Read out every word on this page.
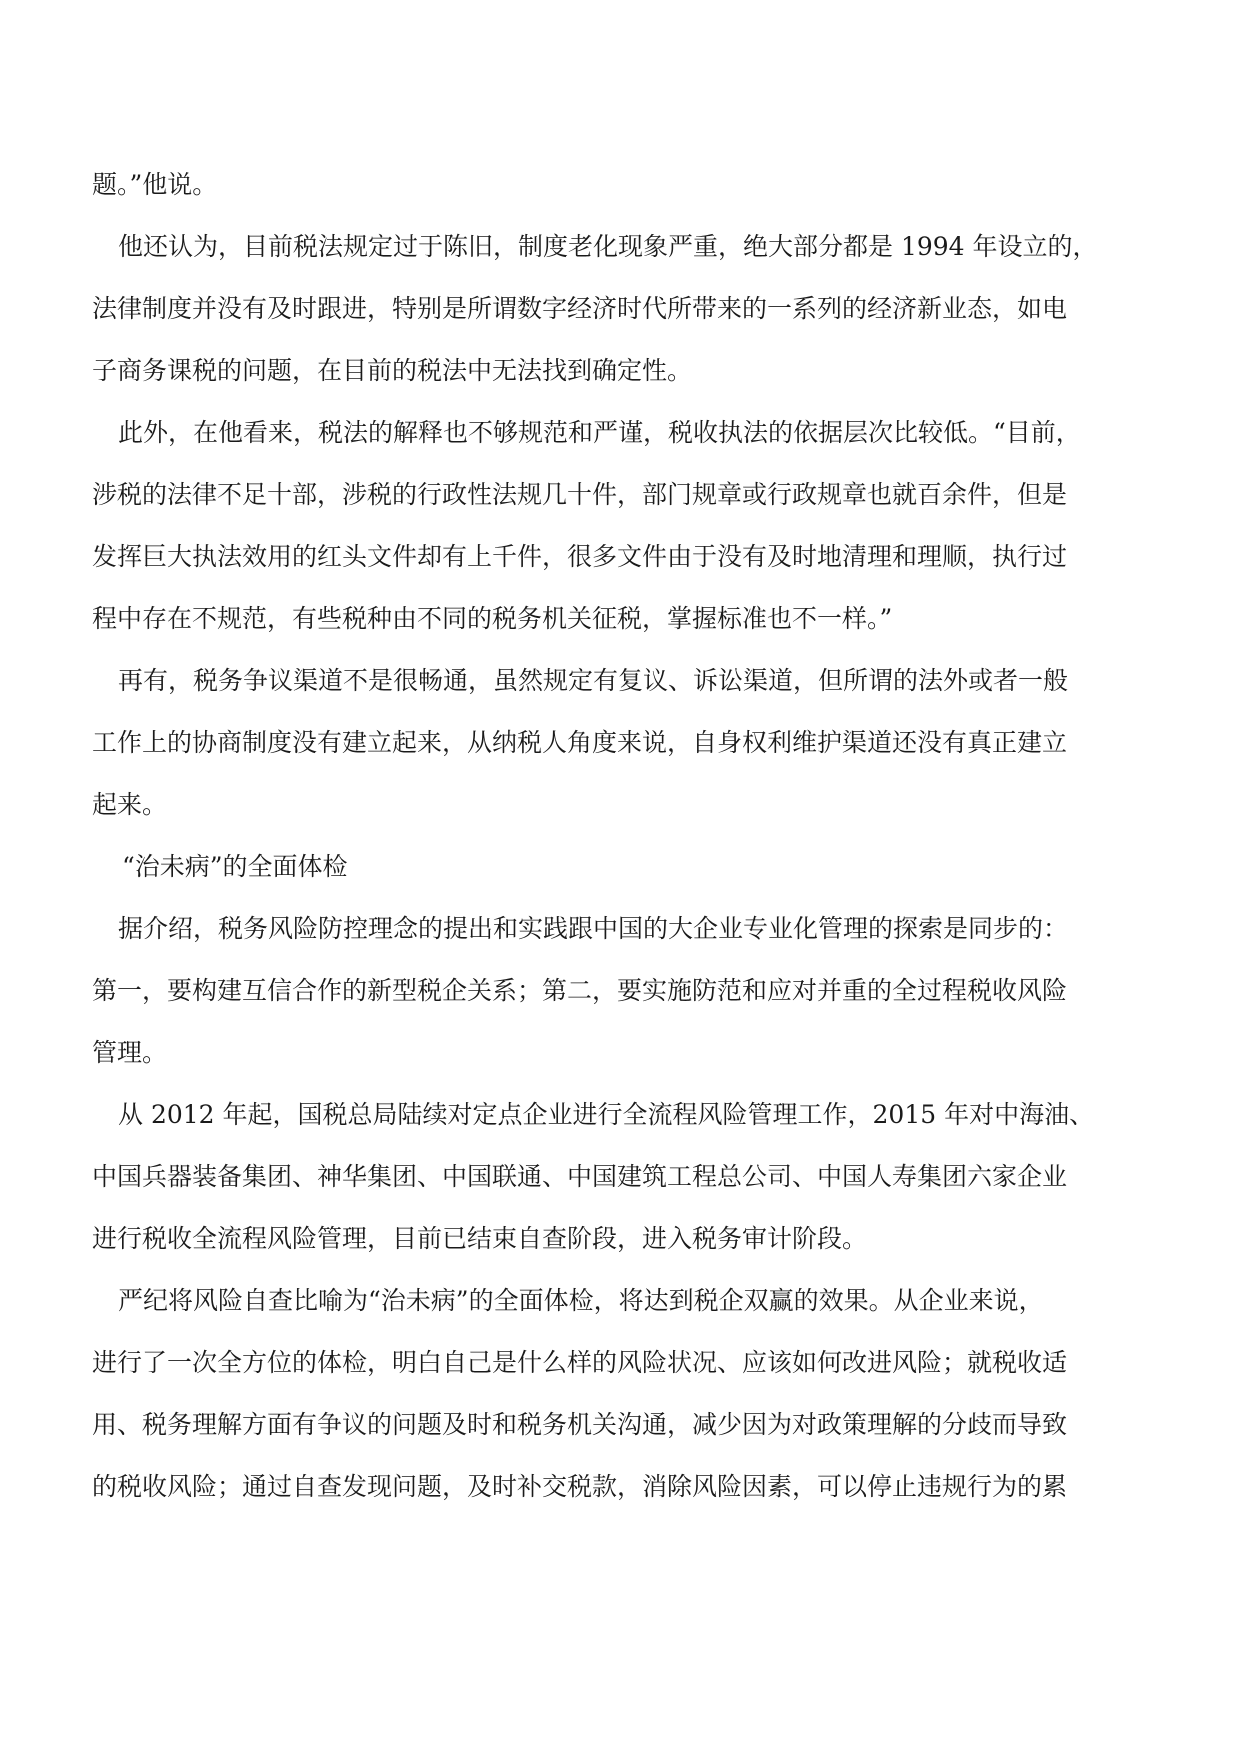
题。”他说。

他还认为，目前税法规定过于陈旧，制度老化现象严重，绝大部分都是 1994 年设立的，
法律制度并没有及时跟进，特别是所谓数字经济时代所带来的一系列的经济新业态，如电
子商务课税的问题，在目前的税法中无法找到确定性。

此外，在他看来，税法的解释也不够规范和严谨，税收执法的依据层次比较低。“目前，
涉税的法律不足十部，涉税的行政性法规几十件，部门规章或行政规章也就百余件，但是
发挥巨大执法效用的红头文件却有上千件，很多文件由于没有及时地清理和理顺，执行过
程中存在不规范，有些税种由不同的税务机关征税，掌握标准也不一样。”

再有，税务争议渠道不是很畅通，虽然规定有复议、诉讼渠道，但所谓的法外或者一般
工作上的协商制度没有建立起来，从纳税人角度来说，自身权利维护渠道还没有真正建立
起来。

“治未病”的全面体检

据介绍，税务风险防控理念的提出和实践跟中国的大企业专业化管理的探索是同步的：
第一，要构建互信合作的新型税企关系；第二，要实施防范和应对并重的全过程税收风险
管理。

从 2012 年起，国税总局陆续对定点企业进行全流程风险管理工作，2015 年对中海油、
中国兵器装备集团、神华集团、中国联通、中国建筑工程总公司、中国人寿集团六家企业
进行税收全流程风险管理，目前已结束自查阶段，进入税务审计阶段。

严纪将风险自查比喻为“治未病”的全面体检，将达到税企双赢的效果。从企业来说，
进行了一次全方位的体检，明白自己是什么样的风险状况、应该如何改进风险；就税收适
用、税务理解方面有争议的问题及时和税务机关沟通，减少因为对政策理解的分歧而导致
的税收风险；通过自查发现问题，及时补交税款，消除风险因素，可以停止违规行为的累
